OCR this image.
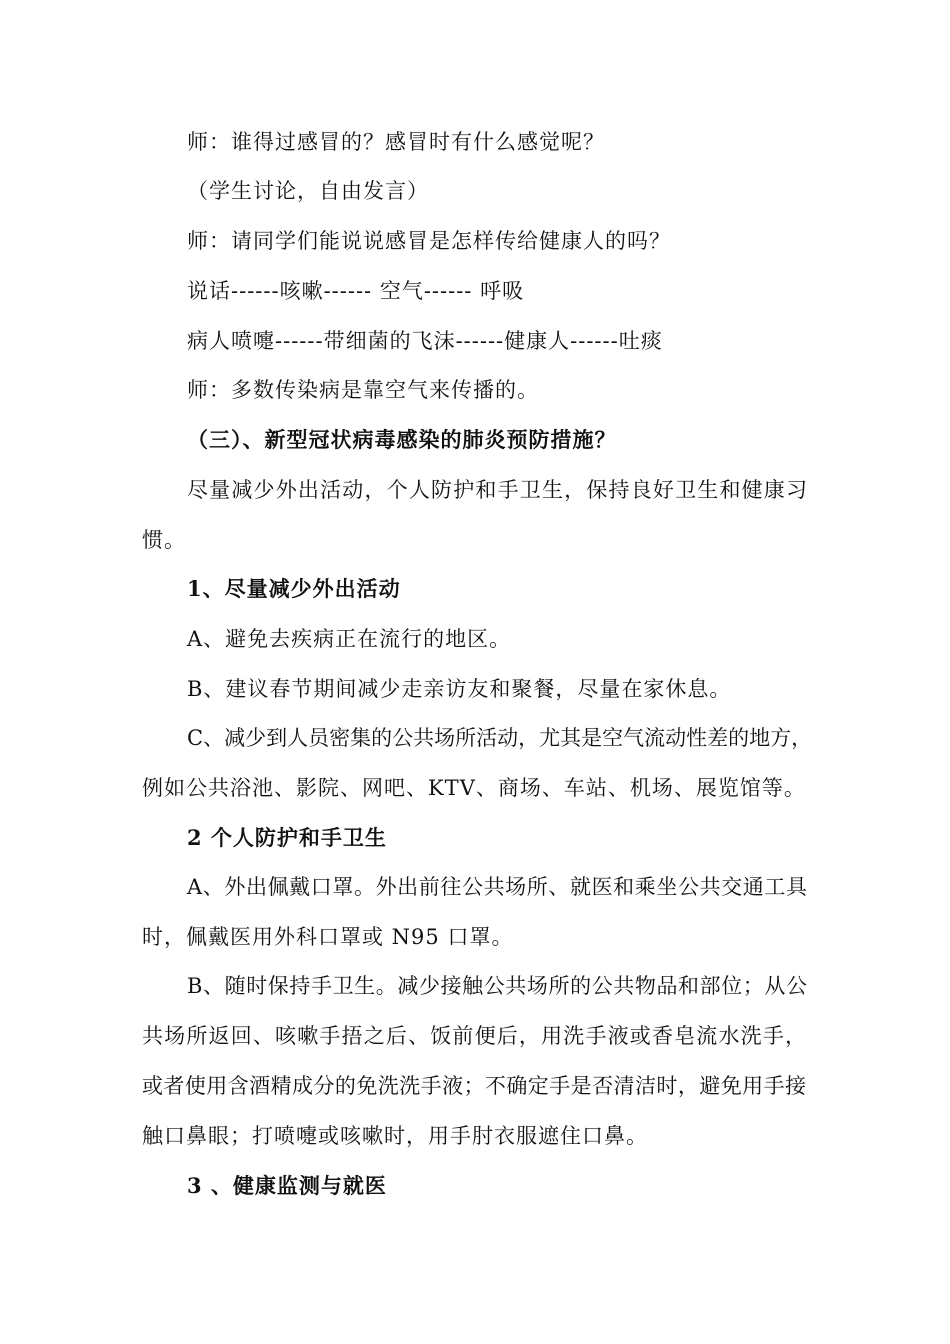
师：谁得过感冒的？感冒时有什么感觉呢？
（学生讨论，自由发言）
师：请同学们能说说感冒是怎样传给健康人的吗？
说话------咳嗽------ 空气------ 呼吸
病人喷嚏------带细菌的飞沫------健康人------吐痰
师：多数传染病是靠空气来传播的。
（三）、新型冠状病毒感染的肺炎预防措施？
尽量减少外出活动，个人防护和手卫生，保持良好卫生和健康习
惯。
1、尽量减少外出活动
A、避免去疾病正在流行的地区。
B、建议春节期间减少走亲访友和聚餐，尽量在家休息。
C、减少到人员密集的公共场所活动，尤其是空气流动性差的地方，
例如公共浴池、影院、网吧、KTV、商场、车站、机场、展览馆等。
2 个人防护和手卫生
A、外出佩戴口罩。外出前往公共场所、就医和乘坐公共交通工具
时，佩戴医用外科口罩或 N95 口罩。
B、随时保持手卫生。减少接触公共场所的公共物品和部位；从公
共场所返回、咳嗽手捂之后、饭前便后，用洗手液或香皂流水洗手，
或者使用含酒精成分的免洗洗手液；不确定手是否清洁时，避免用手接
触口鼻眼；打喷嚏或咳嗽时，用手肘衣服遮住口鼻。
3 、健康监测与就医
